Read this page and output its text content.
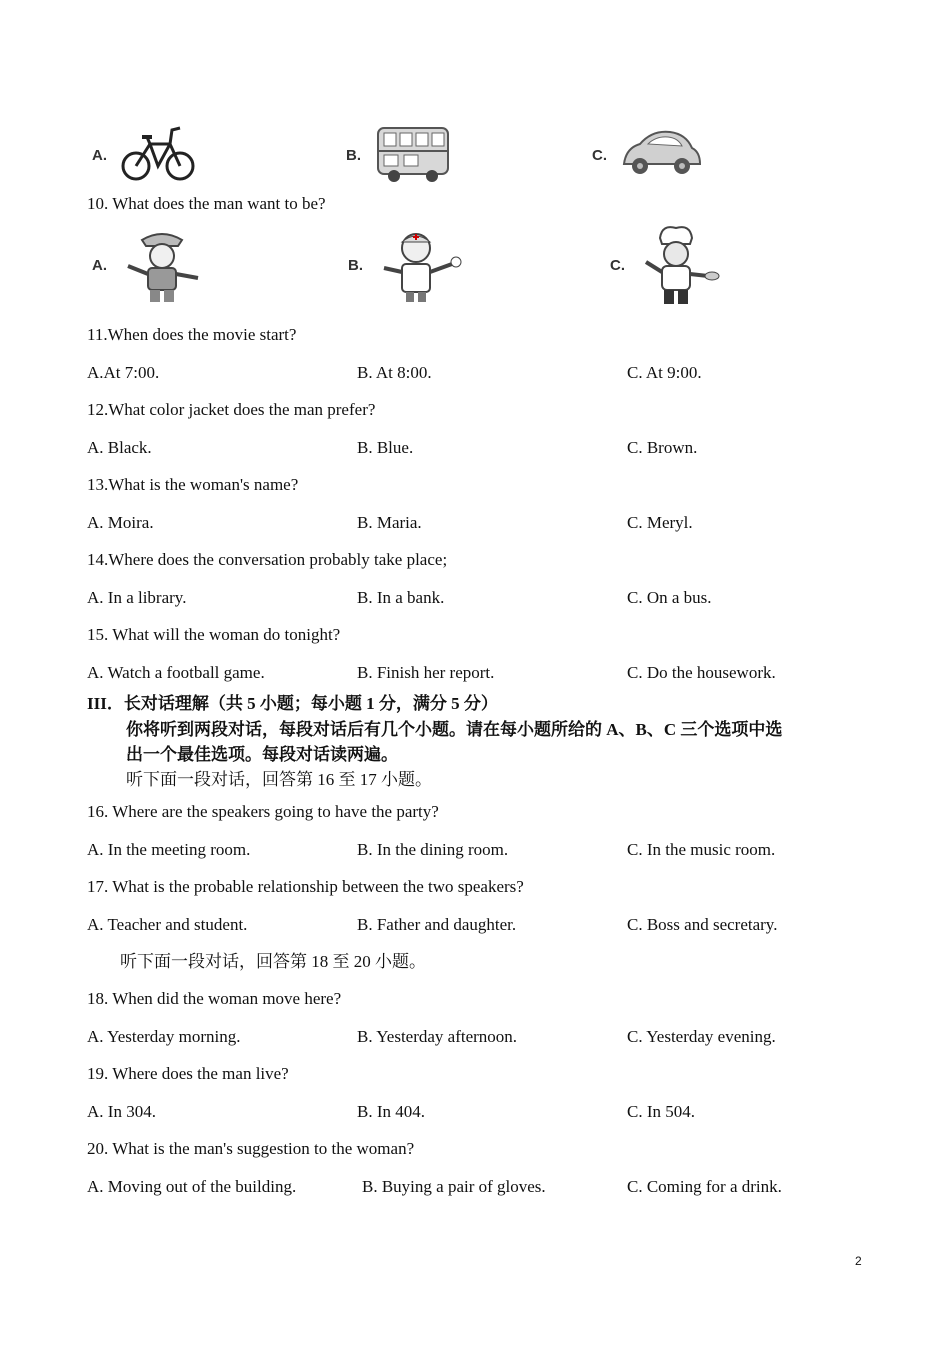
A.	B.	C.
10. What does the man want to be?
A.	B.	C.
11.When does the movie start?
A.At 7:00.	B. At 8:00.	C. At 9:00.
12.What color jacket does the man prefer?
A. Black.	B. Blue.	C. Brown.
13.What is the woman's name?
A. Moira.	B. Maria.	C. Meryl.
14.Where does the conversation probably take place;
A. In a library.	B. In a bank.	C. On a bus.
15. What will the woman do tonight?
A. Watch a football game.	B. Finish her report.	C. Do the housework.
III．长对话理解（共 5 小题；每小题 1 分，满分 5 分）
你将听到两段对话，每段对话后有几个小题。请在每小题所给的 A、B、C 三个选项中选
出一个最佳选项。每段对话读两遍。
听下面一段对话，回答第 16 至 17 小题。
16. Where are the speakers going to have the party?
A. In the meeting room.	B. In the dining room.	C. In the music room.
17. What is the probable relationship between the two speakers?
A. Teacher and student.	B. Father and daughter.	C. Boss and secretary.
听下面一段对话，回答第 18 至 20 小题。
18. When did the woman move here?
A. Yesterday morning.	B. Yesterday afternoon.	C. Yesterday evening.
19. Where does the man live?
A. In 304.	B. In 404.	C. In 504.
20. What is the man's suggestion to the woman?
A. Moving out of the building.	B. Buying a pair of gloves.	C. Coming for a drink.
2
